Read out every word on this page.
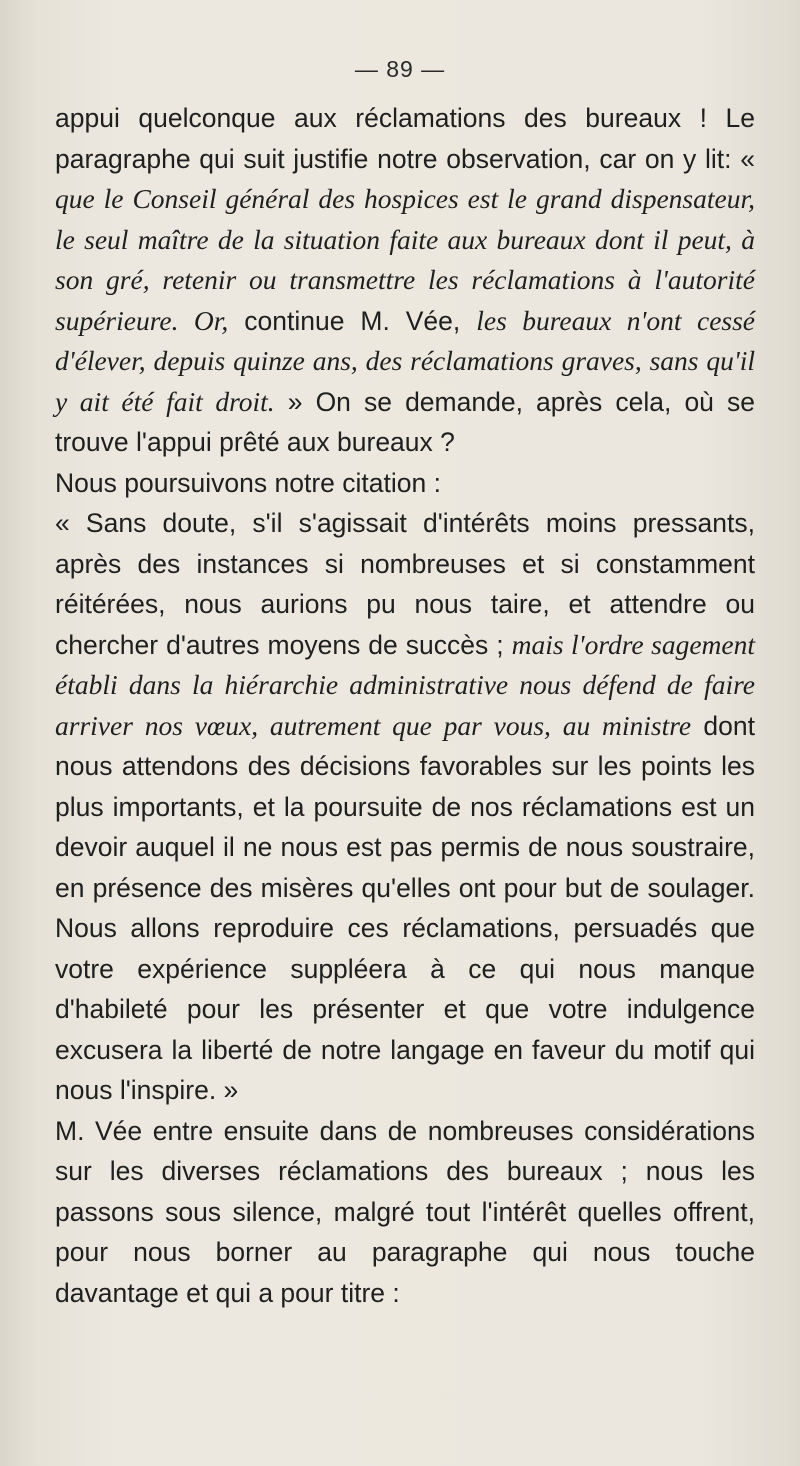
— 89 —

appui quelconque aux réclamations des bureaux ! Le paragraphe qui suit justifie notre observation, car on y lit: « que le Conseil général des hospices est le grand dispensateur, le seul maître de la situation faite aux bureaux dont il peut, à son gré, retenir ou transmettre les réclamations à l'autorité supérieure. Or, continue M. Vée, les bureaux n'ont cessé d'élever, depuis quinze ans, des réclamations graves, sans qu'il y ait été fait droit. » On se demande, après cela, où se trouve l'appui prêté aux bureaux ?

Nous poursuivons notre citation :

« Sans doute, s'il s'agissait d'intérêts moins pressants, après des instances si nombreuses et si constamment réitérées, nous aurions pu nous taire, et attendre ou chercher d'autres moyens de succès ; mais l'ordre sagement établi dans la hiérarchie administrative nous défend de faire arriver nos vœux, autrement que par vous, au ministre dont nous attendons des décisions favorables sur les points les plus importants, et la poursuite de nos réclamations est un devoir auquel il ne nous est pas permis de nous soustraire, en présence des misères qu'elles ont pour but de soulager. Nous allons reproduire ces réclamations, persuadés que votre expérience suppléera à ce qui nous manque d'habileté pour les présenter et que votre indulgence excusera la liberté de notre langage en faveur du motif qui nous l'inspire. »

M. Vée entre ensuite dans de nombreuses considérations sur les diverses réclamations des bureaux ; nous les passons sous silence, malgré tout l'intérêt quelles offrent, pour nous borner au paragraphe qui nous touche davantage et qui a pour titre :
